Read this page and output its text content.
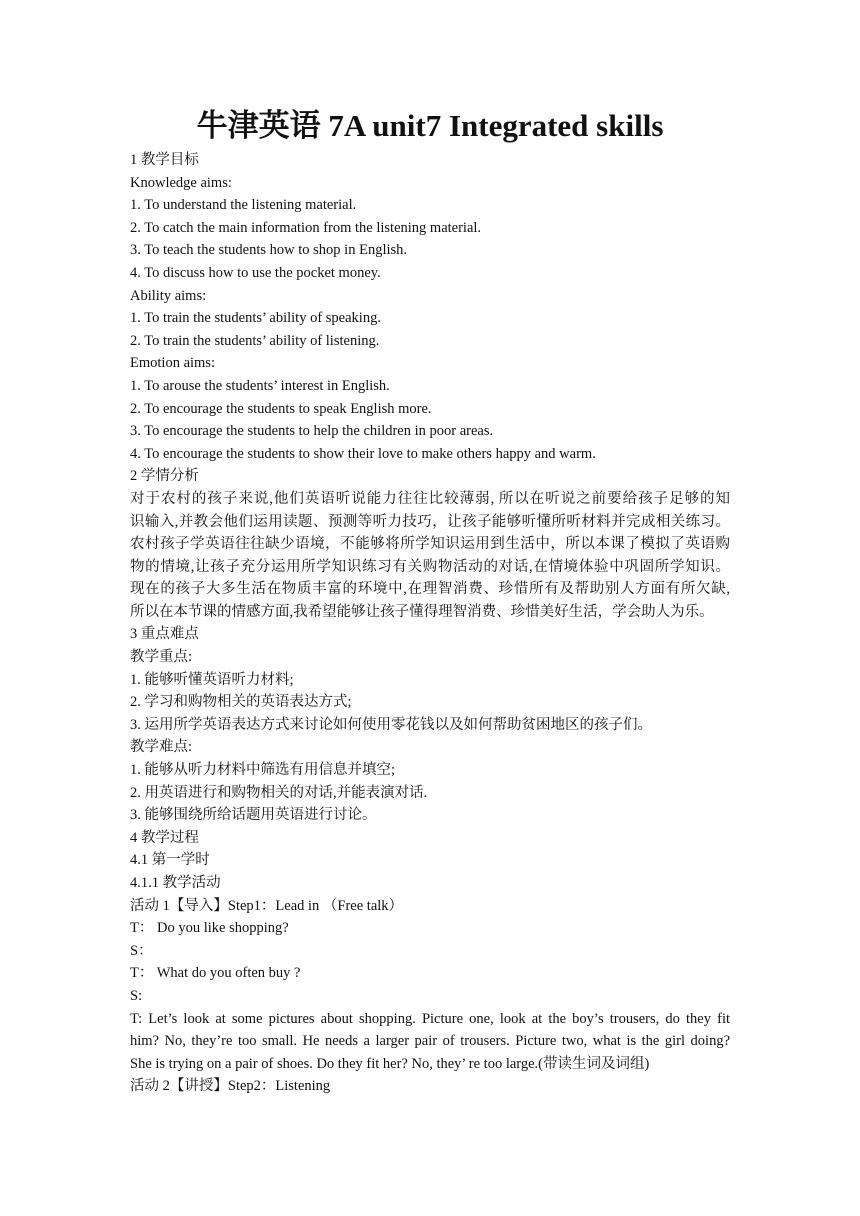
牛津英语 7A unit7 Integrated skills
1 教学目标
Knowledge aims:
1. To understand the listening material.
2. To catch the main information from the listening material.
3. To teach the students how to shop in English.
4. To discuss how to use the pocket money.
Ability aims:
1. To train the students’ ability of speaking.
2. To train the students’ ability of listening.
Emotion aims:
1. To arouse the students’ interest in English.
2. To encourage the students to speak English more.
3. To encourage the students to help the children in poor areas.
4. To encourage the students to show their love to make others happy and warm.
2 学情分析
对于农村的孩子来说,他们英语听说能力往往比较薄弱, 所以在听说之前要给孩子足够的知
识输入,并教会他们运用读题、预测等听力技巧，让孩子能够听懂所听材料并完成相关练习。
农村孩子学英语往往缺少语境，不能够将所学知识运用到生活中，所以本课了模拟了英语购
物的情境,让孩子充分运用所学知识练习有关购物活动的对话,在情境体验中巩固所学知识。
现在的孩子大多生活在物质丰富的环境中,在理智消费、珍惜所有及帮助别人方面有所欠缺,
所以在本节课的情感方面,我希望能够让孩子懂得理智消费、珍惜美好生活，学会助人为乐。
3 重点难点
教学重点:
1. 能够听懂英语听力材料;
2. 学习和购物相关的英语表达方式;
3. 运用所学英语表达方式来讨论如何使用零花钱以及如何帮助贫困地区的孩子们。
教学难点:
1. 能够从听力材料中筛选有用信息并填空;
2. 用英语进行和购物相关的对话,并能表演对话.
3. 能够围绕所给话题用英语进行讨论。
4 教学过程
4.1 第一学时
4.1.1 教学活动
活动 1【导入】Step1：Lead in （Free talk）
T： Do you like shopping?
S：
T： What do you often buy ?
S:
T: Let’s look at some pictures about shopping. Picture one, look at the boy’s trousers, do they fit
him? No, they’re too small. He needs a larger pair of trousers. Picture two, what is the girl doing?
She is trying on a pair of shoes. Do they fit her? No, they’ re too large.(带读生词及词组)
活动 2【讲授】Step2：Listening
